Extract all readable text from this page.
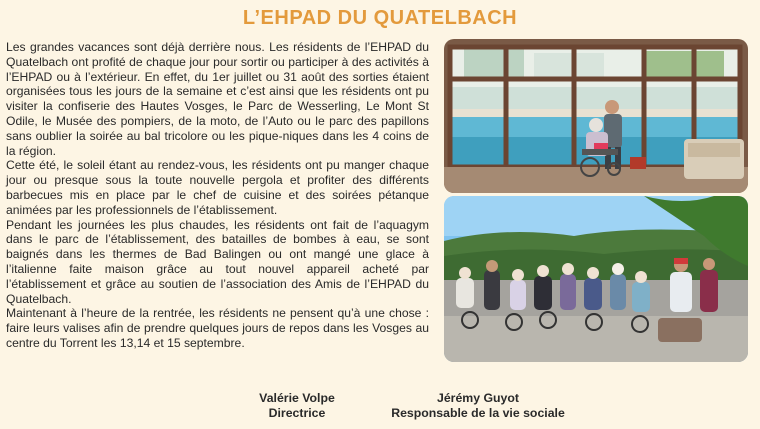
L’EHPAD DU QUATELBACH

Les grandes vacances sont déjà derrière nous. Les résidents de l’EHPAD du Quatelbach ont profité de chaque jour pour sortir ou participer à des activités à l’EHPAD ou à l’extérieur. En effet, du 1er juillet ou 31 août des sorties étaient organisées tous les jours de la semaine et c’est ainsi que les résidents ont pu visiter la confiserie des Hautes Vosges, le Parc de Wesserling, Le Mont St Odile, le Musée des pompiers, de la moto, de l’Auto ou le parc des papillons sans oublier la soirée au bal tricolore ou les pique-niques dans les 4 coins de la région.

Cette été, le soleil étant au rendez-vous, les résidents ont pu manger chaque jour ou presque sous la toute nouvelle pergola et profiter des différents barbecues mis en place par le chef de cuisine et des soirées pétanque animées par les professionnels de l’établissement.

Pendant les journées les plus chaudes, les résidents ont fait de l’aquagym dans le parc de l’établissement, des batailles de bombes à eau, se sont baignés dans les thermes de Bad Balingen ou ont mangé une glace à l’italienne faite maison grâce au tout nouvel appareil acheté par l’établissement et grâce au soutien de l’association des Amis de l’EHPAD du Quatelbach.

Maintenant à l’heure de la rentrée, les résidents ne pensent qu’à une chose : faire leurs valises afin de prendre quelques jours de repos dans les Vosges au centre du Torrent les 13,14 et 15 septembre.

Valérie Volpe
Directrice
Jérémy Guyot
Responsable de la vie sociale
